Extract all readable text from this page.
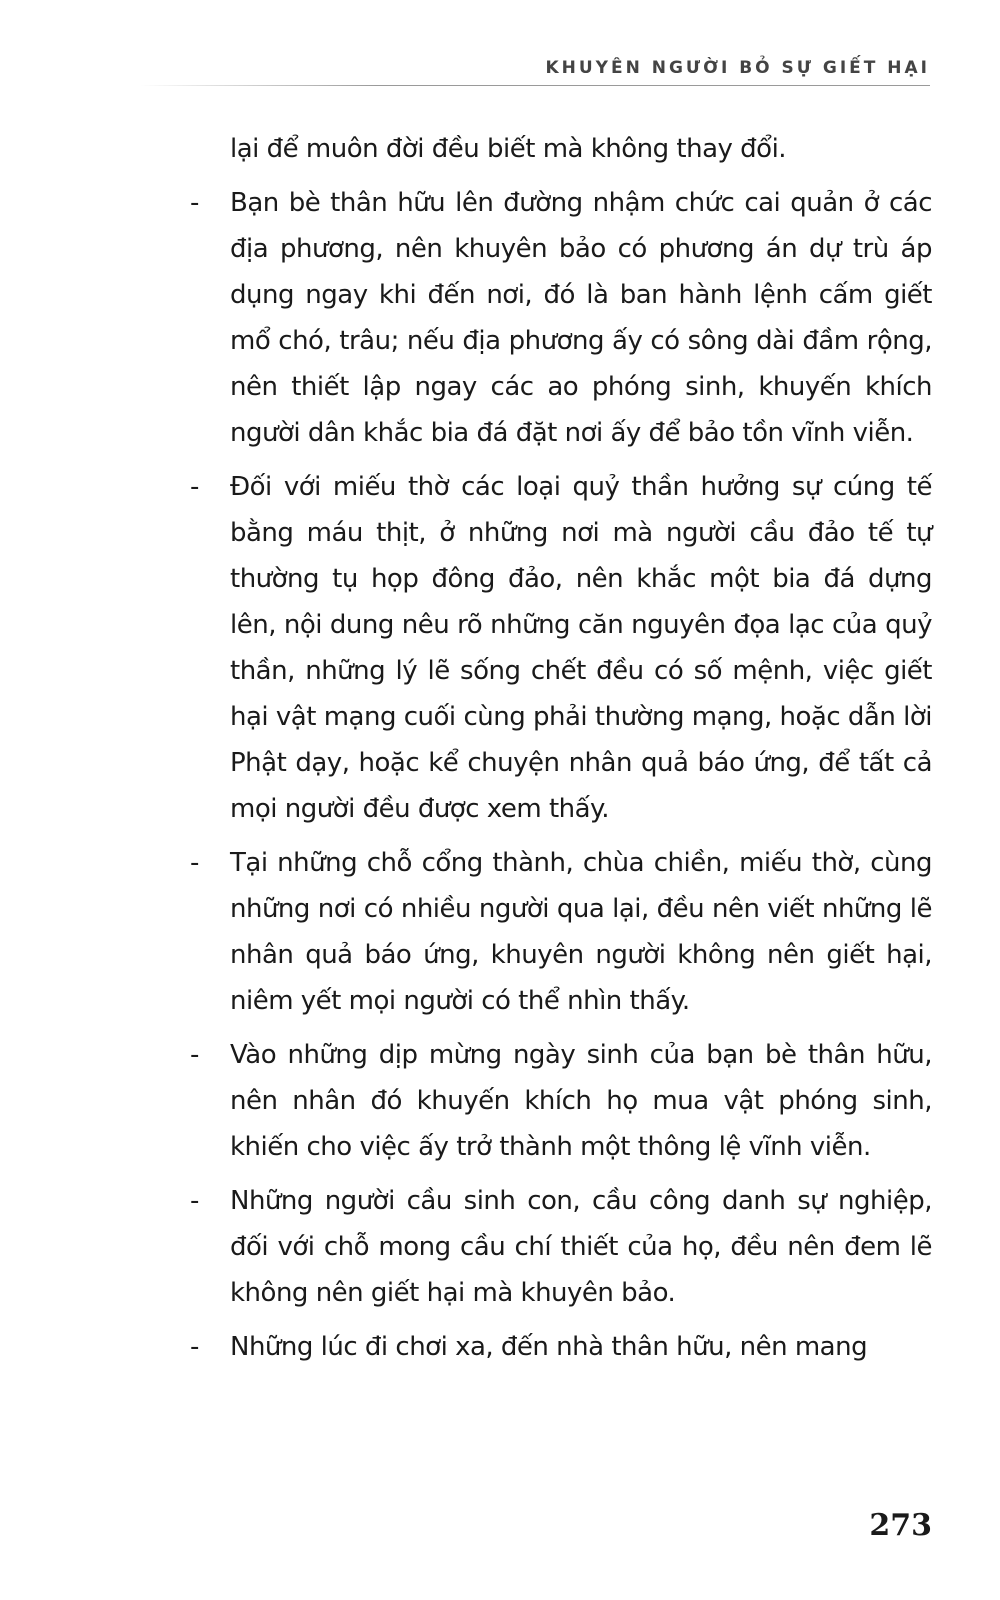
KHUYÊN NGƯỜI BỎ SỰ GIẾT HẠI
lại để muôn đời đều biết mà không thay đổi.
- Bạn bè thân hữu lên đường nhậm chức cai quản ở các địa phương, nên khuyên bảo có phương án dự trù áp dụng ngay khi đến nơi, đó là ban hành lệnh cấm giết mổ chó, trâu; nếu địa phương ấy có sông dài đầm rộng, nên thiết lập ngay các ao phóng sinh, khuyến khích người dân khắc bia đá đặt nơi ấy để bảo tồn vĩnh viễn.
- Đối với miếu thờ các loại quỷ thần hưởng sự cúng tế bằng máu thịt, ở những nơi mà người cầu đảo tế tự thường tụ họp đông đảo, nên khắc một bia đá dựng lên, nội dung nêu rõ những căn nguyên đọa lạc của quỷ thần, những lý lẽ sống chết đều có số mệnh, việc giết hại vật mạng cuối cùng phải thường mạng, hoặc dẫn lời Phật dạy, hoặc kể chuyện nhân quả báo ứng, để tất cả mọi người đều được xem thấy.
- Tại những chỗ cổng thành, chùa chiền, miếu thờ, cùng những nơi có nhiều người qua lại, đều nên viết những lẽ nhân quả báo ứng, khuyên người không nên giết hại, niêm yết mọi người có thể nhìn thấy.
- Vào những dịp mừng ngày sinh của bạn bè thân hữu, nên nhân đó khuyến khích họ mua vật phóng sinh, khiến cho việc ấy trở thành một thông lệ vĩnh viễn.
- Những người cầu sinh con, cầu công danh sự nghiệp, đối với chỗ mong cầu chí thiết của họ, đều nên đem lẽ không nên giết hại mà khuyên bảo.
- Những lúc đi chơi xa, đến nhà thân hữu, nên mang
273
